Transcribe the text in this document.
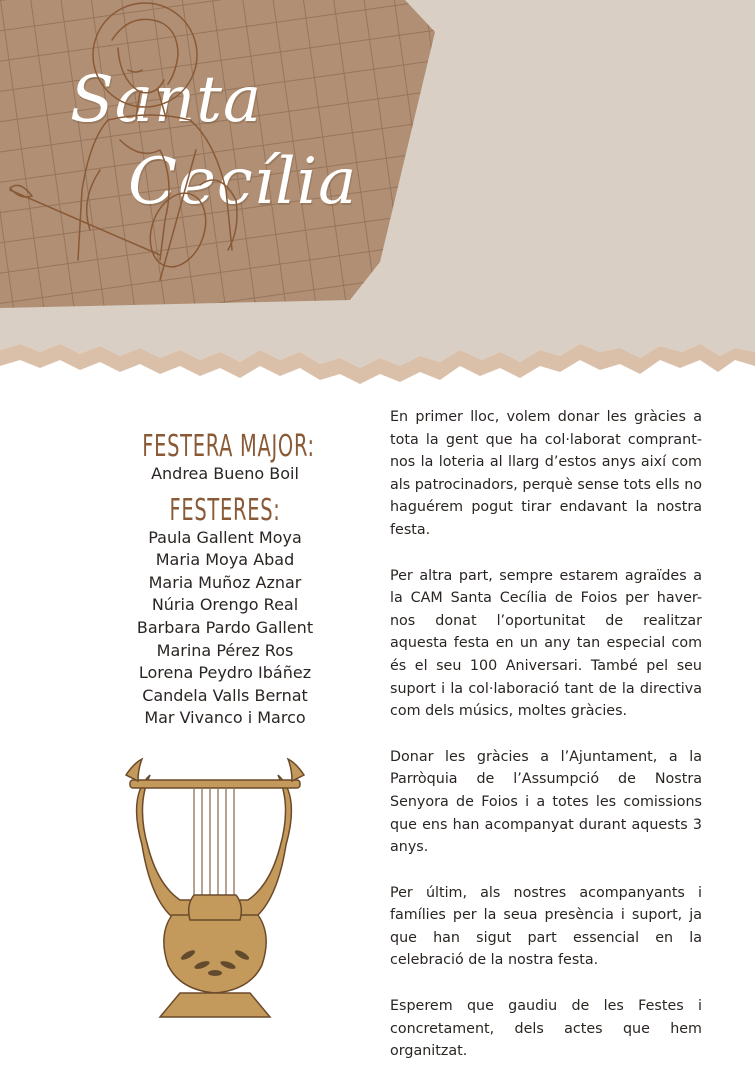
Santa
Cecília
FESTERA MAJOR:
Andrea Bueno Boil
FESTERES:
Paula Gallent Moya
Maria Moya Abad
Maria Muñoz Aznar
Núria Orengo Real
Barbara Pardo Gallent
Marina Pérez Ros
Lorena Peydro Ibáñez
Candela Valls Bernat
Mar Vivanco i Marco

En primer lloc, volem donar les gràcies a tota la gent que ha col·laborat comprant-nos la loteria al llarg d’estos anys així com als patrocinadors, perquè sense tots ells no haguérem pogut tirar endavant la nostra festa.

Per altra part, sempre estarem agraïdes a la CAM Santa Cecília de Foios per haver-nos donat l’oportunitat de realitzar aquesta festa en un any tan especial com és el seu 100 Aniversari. També pel seu suport i la col·laboració tant de la directiva com dels músics, moltes gràcies.

Donar les gràcies a l’Ajuntament, a la Parròquia de l’Assumpció de Nostra Senyora de Foios i a totes les comissions que ens han acompanyat durant aquests 3 anys.

Per últim, als nostres acompanyants i famílies per la seua presència i suport, ja que han sigut part essencial en la celebració de la nostra festa.

Esperem que gaudiu de les Festes i concretament, dels actes que hem organitzat.
